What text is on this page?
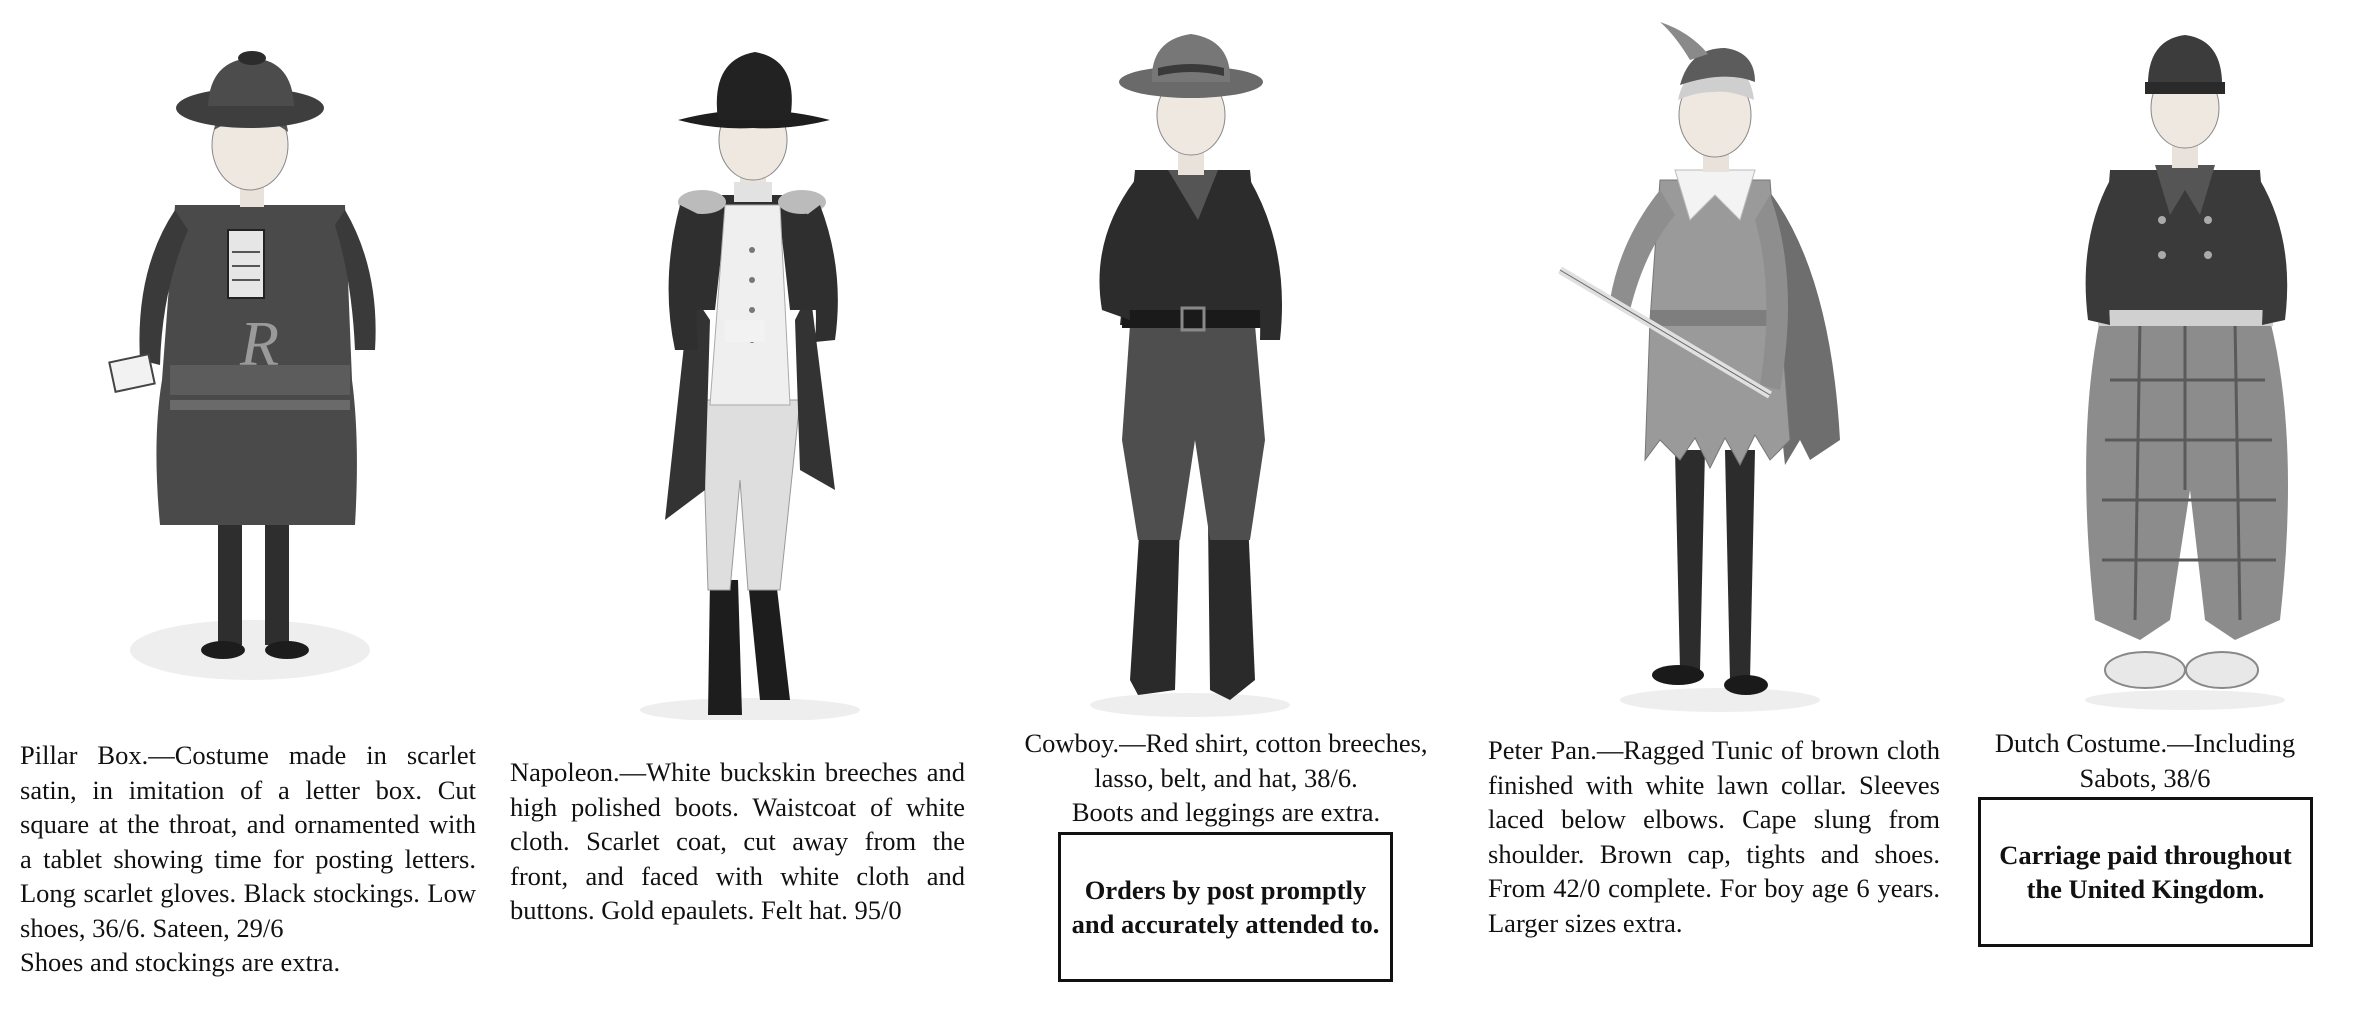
R
Pillar Box.—Costume made in scarlet satin, in imitation of a letter box. Cut square at the throat, and ornamented with a tablet showing time for posting letters. Long scarlet gloves. Black stockings. Low shoes, 36/6. Sateen, 29/6
Shoes and stockings are extra.
Napoleon.—White buckskin breeches and high polished boots. Waistcoat of white cloth. Scarlet coat, cut away from the front, and faced with white cloth and buttons. Gold epaulets. Felt hat. 95/0
Cowboy.—Red shirt, cotton breeches, lasso, belt, and hat, 38/6.
Boots and leggings are extra.
Orders by post promptly and accurately attended to.
Peter Pan.—Ragged Tunic of brown cloth finished with white lawn collar. Sleeves laced below elbows. Cape slung from shoulder. Brown cap, tights and shoes. From 42/0 complete. For boy age 6 years. Larger sizes extra.
Dutch Costume.—Including Sabots, 38/6
Carriage paid throughout the United Kingdom.
